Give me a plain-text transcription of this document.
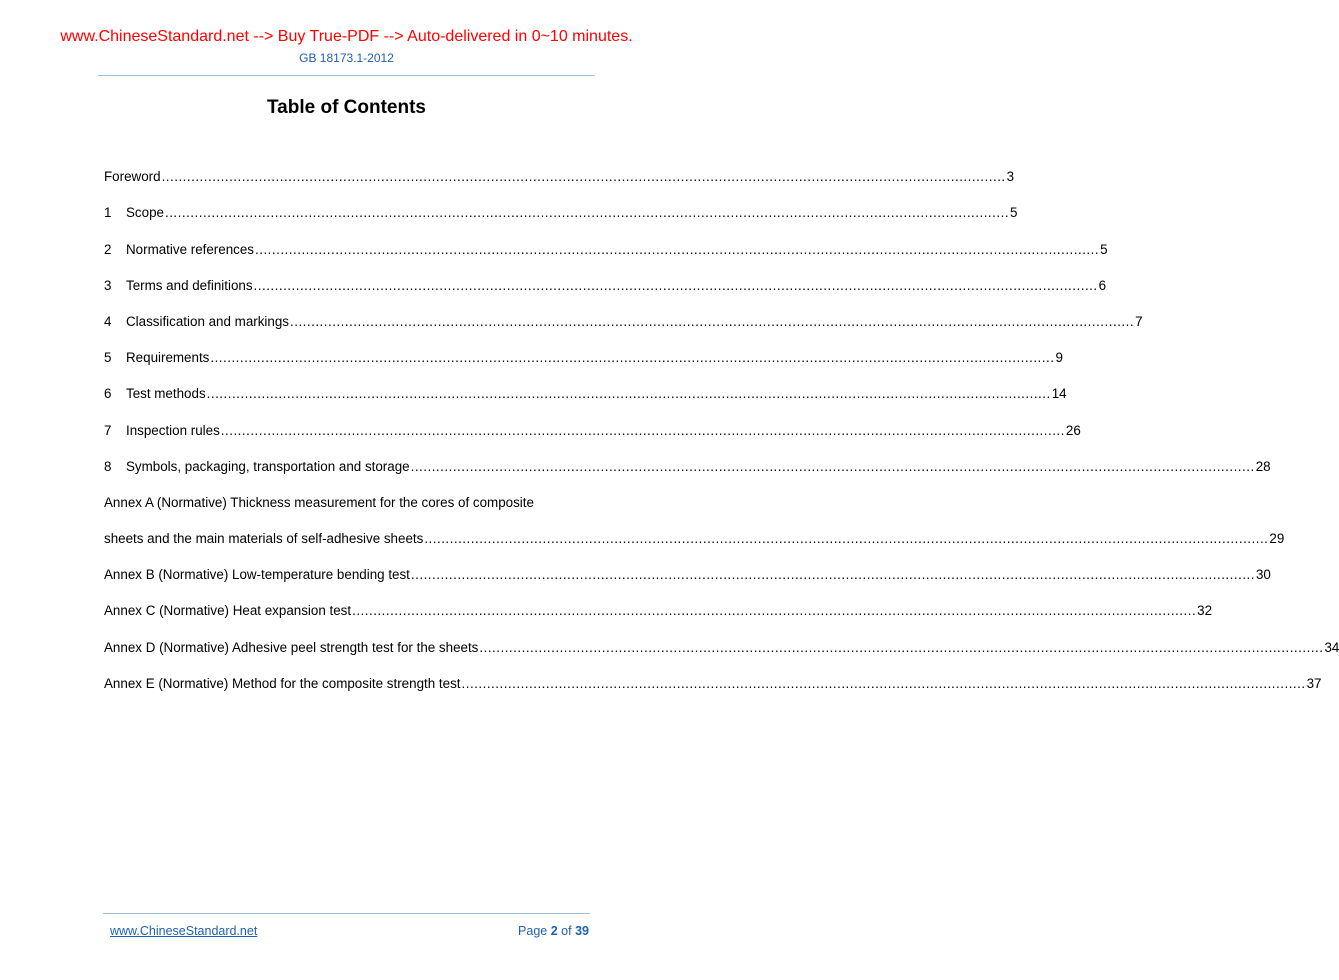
www.ChineseStandard.net --> Buy True-PDF --> Auto-delivered in 0~10 minutes.
GB 18173.1-2012
Table of Contents
Foreword ........................................................................................................................................................................................................ 3
1	Scope ........................................................................................................................................................................................................ 5
2	Normative references ........................................................................................................................................................................................................ 5
3	Terms and definitions ........................................................................................................................................................................................................ 6
4	Classification and markings ........................................................................................................................................................................................................ 7
5	Requirements ........................................................................................................................................................................................................ 9
6	Test methods ........................................................................................................................................................................................................ 14
7	Inspection rules ........................................................................................................................................................................................................ 26
8	Symbols, packaging, transportation and storage ........................................................................................................................................................................................................ 28
Annex A (Normative) Thickness measurement for the cores of composite
sheets and the main materials of self-adhesive sheets ........................................................................................................................................................................................................ 29
Annex B (Normative) Low-temperature bending test ........................................................................................................................................................................................................ 30
Annex C (Normative) Heat expansion test ........................................................................................................................................................................................................ 32
Annex D (Normative) Adhesive peel strength test for the sheets ........................................................................................................................................................................................................ 34
Annex E (Normative) Method for the composite strength test ........................................................................................................................................................................................................ 37
www.ChineseStandard.net	Page 2 of 39
